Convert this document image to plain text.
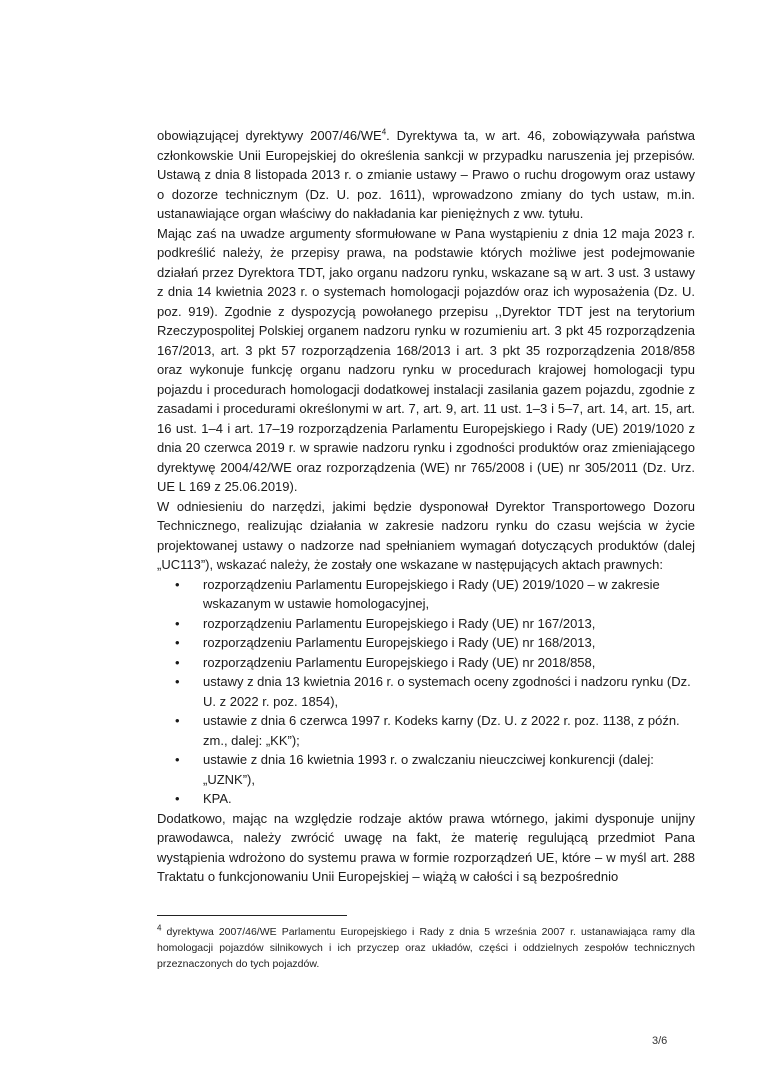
obowiązującej dyrektywy $2007/46/WE^4$. Dyrektywa ta, w art. 46, zobowiązywała państwa członkowskie Unii Europejskiej do określenia sankcji w przypadku naruszenia jej przepisów. Ustawą z dnia 8 listopada 2013 r. o zmianie ustawy – Prawo o ruchu drogowym oraz ustawy o dozorze technicznym (Dz. U. poz. 1611), wprowadzono zmiany do tych ustaw, m.in. ustanawiające organ właściwy do nakładania kar pieniężnych z ww. tytułu.

Mając zaś na uwadze argumenty sformułowane w Pana wystąpieniu z dnia 12 maja 2023 r. podkreślić należy, że przepisy prawa, na podstawie których możliwe jest podejmowanie działań przez Dyrektora TDT, jako organu nadzoru rynku, wskazane są w art. 3 ust. 3 ustawy z dnia 14 kwietnia 2023 r. o systemach homologacji pojazdów oraz ich wyposażenia (Dz. U. poz. 919). Zgodnie z dyspozycją powołanego przepisu ,,Dyrektor TDT jest na terytorium Rzeczypospolitej Polskiej organem nadzoru rynku w rozumieniu art. 3 pkt 45 rozporządzenia 167/2013, art. 3 pkt 57 rozporządzenia 168/2013 i art. 3 pkt 35 rozporządzenia 2018/858 oraz wykonuje funkcję organu nadzoru rynku w procedurach krajowej homologacji typu pojazdu i procedurach homologacji dodatkowej instalacji zasilania gazem pojazdu, zgodnie z zasadami i procedurami określonymi w art. 7, art. 9, art. 11 ust. 1–3 i 5–7, art. 14, art. 15, art. 16 ust. 1–4 i art. 17–19 rozporządzenia Parlamentu Europejskiego i Rady (UE) 2019/1020 z dnia 20 czerwca 2019 r. w sprawie nadzoru rynku i zgodności produktów oraz zmieniającego dyrektywę 2004/42/WE oraz rozporządzenia (WE) nr 765/2008 i (UE) nr 305/2011 (Dz. Urz. UE L 169 z 25.06.2019).

W odniesieniu do narzędzi, jakimi będzie dysponował Dyrektor Transportowego Dozoru Technicznego, realizując działania w zakresie nadzoru rynku do czasu wejścia w życie projektowanej ustawy o nadzorze nad spełnianiem wymagań dotyczących produktów (dalej „UC113”), wskazać należy, że zostały one wskazane w następujących aktach prawnych:

• rozporządzeniu Parlamentu Europejskiego i Rady (UE) 2019/1020 – w zakresie wskazanym w ustawie homologacyjnej,
• rozporządzeniu Parlamentu Europejskiego i Rady (UE) nr 167/2013,
• rozporządzeniu Parlamentu Europejskiego i Rady (UE) nr 168/2013,
• rozporządzeniu Parlamentu Europejskiego i Rady (UE) nr 2018/858,
• ustawy z dnia 13 kwietnia 2016 r. o systemach oceny zgodności i nadzoru rynku (Dz. U. z 2022 r. poz. 1854),
• ustawie z dnia 6 czerwca 1997 r. Kodeks karny (Dz. U. z 2022 r. poz. 1138, z późn. zm., dalej: „KK”);
• ustawie z dnia 16 kwietnia 1993 r. o zwalczaniu nieuczciwej konkurencji (dalej: „UZNK”),
• KPA.

Dodatkowo, mając na względzie rodzaje aktów prawa wtórnego, jakimi dysponuje unijny prawodawca, należy zwrócić uwagę na fakt, że materię regulującą przedmiot Pana wystąpienia wdrożono do systemu prawa w formie rozporządzeń UE, które – w myśl art. 288 Traktatu o funkcjonowaniu Unii Europejskiej – wiążą w całości i są bezpośrednio

$^4$ dyrektywa 2007/46/WE Parlamentu Europejskiego i Rady z dnia 5 września 2007 r. ustanawiająca ramy dla homologacji pojazdów silnikowych i ich przyczep oraz układów, części i oddzielnych zespołów technicznych przeznaczonych do tych pojazdów.
3/6
